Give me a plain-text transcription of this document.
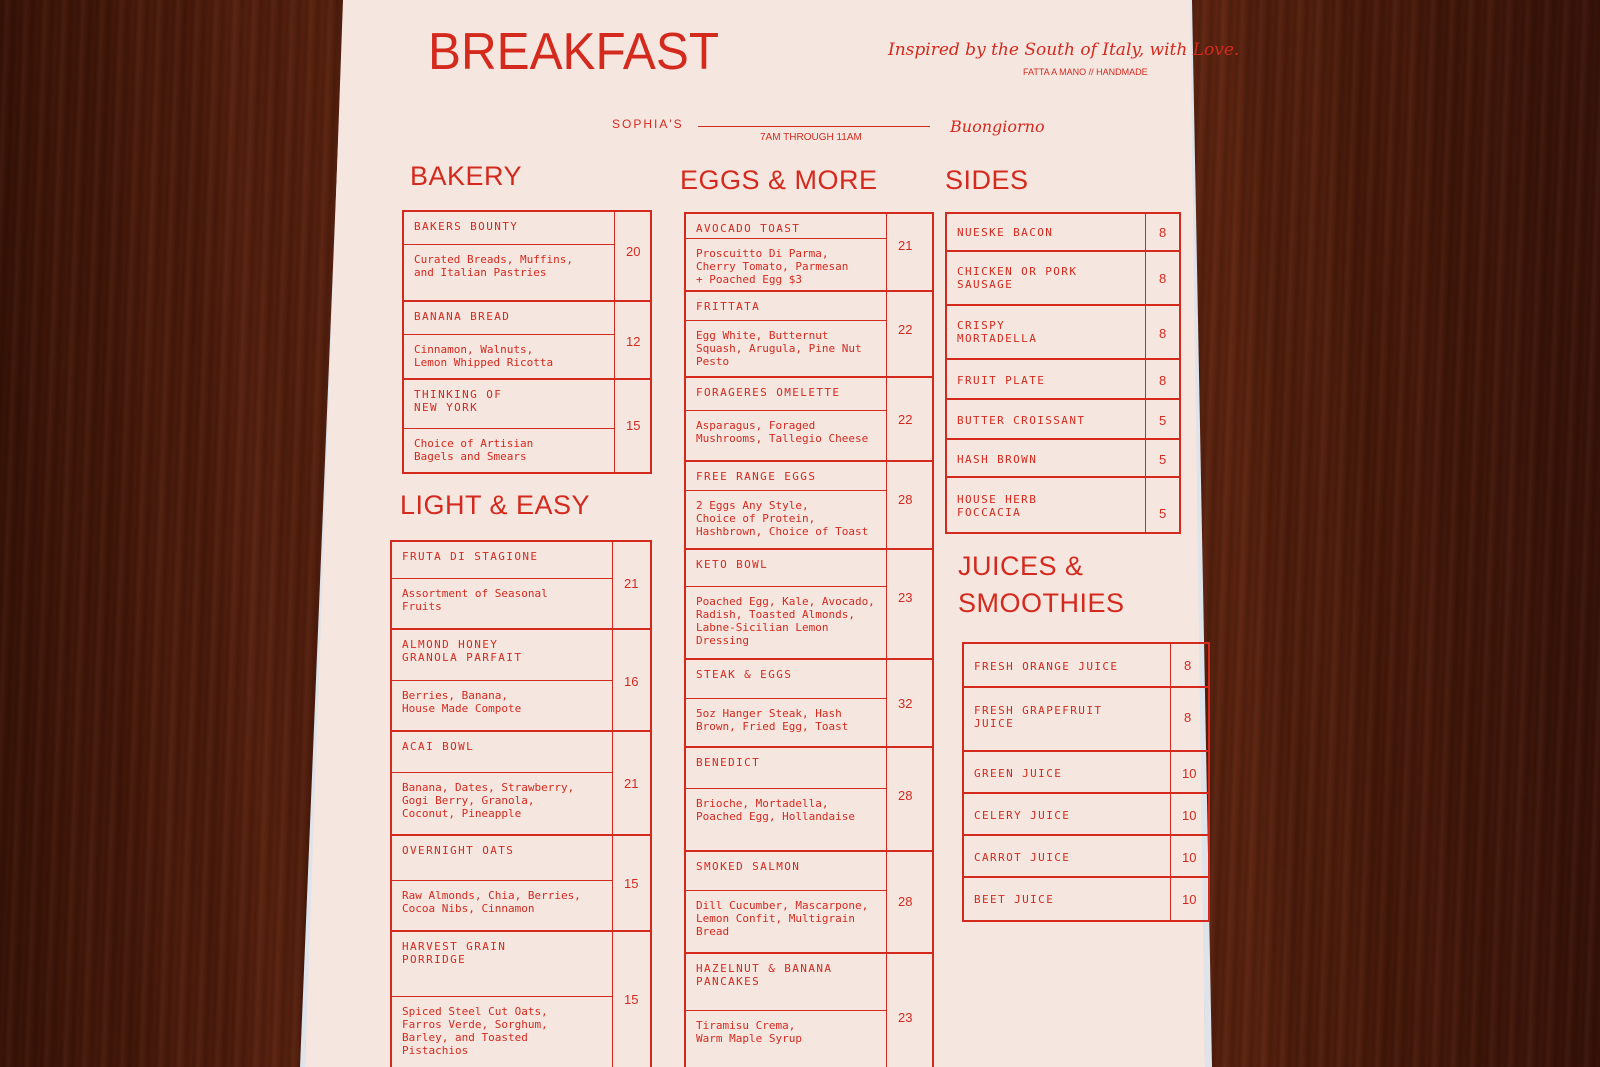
BREAKFAST	Inspired by the South of Italy, with Love.
FATTA A MANO // HANDMADE
SOPHIA'S
7AM THROUGH 11AM
Buongiorno
BAKERY
LIGHT & EASY
EGGS & MORE SIDES
JUICES &
SMOOTHIES
BAKERS BOUNTY
Curated Breads, Muffins,
and Italian Pastries
20
BANANA BREAD
Cinnamon, Walnuts,
Lemon Whipped Ricotta
12
THINKING OF
NEW YORK
Choice of Artisian
Bagels and Smears
15
FRUTA DI STAGIONE
Assortment of Seasonal
Fruits
21
ALMOND HONEY
GRANOLA PARFAIT
Berries, Banana,
House Made Compote
16
ACAI BOWL
Banana, Dates, Strawberry,
Gogi Berry, Granola,
Coconut, Pineapple
21
OVERNIGHT OATS
Raw Almonds, Chia, Berries,
Cocoa Nibs, Cinnamon
15
HARVEST GRAIN
PORRIDGE
Spiced Steel Cut Oats,
Farros Verde, Sorghum,
Barley, and Toasted
Pistachios
15
AVOCADO TOAST
Proscuitto Di Parma,
Cherry Tomato, Parmesan
+ Poached Egg $3
21
FRITTATA
Egg White, Butternut
Squash, Arugula, Pine Nut
Pesto
22
FORAGERES OMELETTE
Asparagus, Foraged
Mushrooms, Tallegio Cheese
22
FREE RANGE EGGS
2 Eggs Any Style,
Choice of Protein,
Hashbrown, Choice of Toast
28
KETO BOWL
Poached Egg, Kale, Avocado,
Radish, Toasted Almonds,
Labne-Sicilian Lemon
Dressing
23
STEAK & EGGS
5oz Hanger Steak, Hash
Brown, Fried Egg, Toast
32
BENEDICT
Brioche, Mortadella,
Poached Egg, Hollandaise
28
SMOKED SALMON
Dill Cucumber, Mascarpone,
Lemon Confit, Multigrain
Bread
28
HAZELNUT & BANANA
PANCAKES
Tiramisu Crema,
Warm Maple Syrup
23
NUESKE BACON	8
CHICKEN OR PORK
SAUSAGE	8
CRISPY
MORTADELLA	8
FRUIT PLATE	8
BUTTER CROISSANT	5
HASH BROWN	5
HOUSE HERB
FOCCACIA	5
FRESH ORANGE JUICE	8
FRESH GRAPEFRUIT
JUICE	8
GREEN JUICE	10
CELERY JUICE	10
CARROT JUICE	10
BEET JUICE	10
